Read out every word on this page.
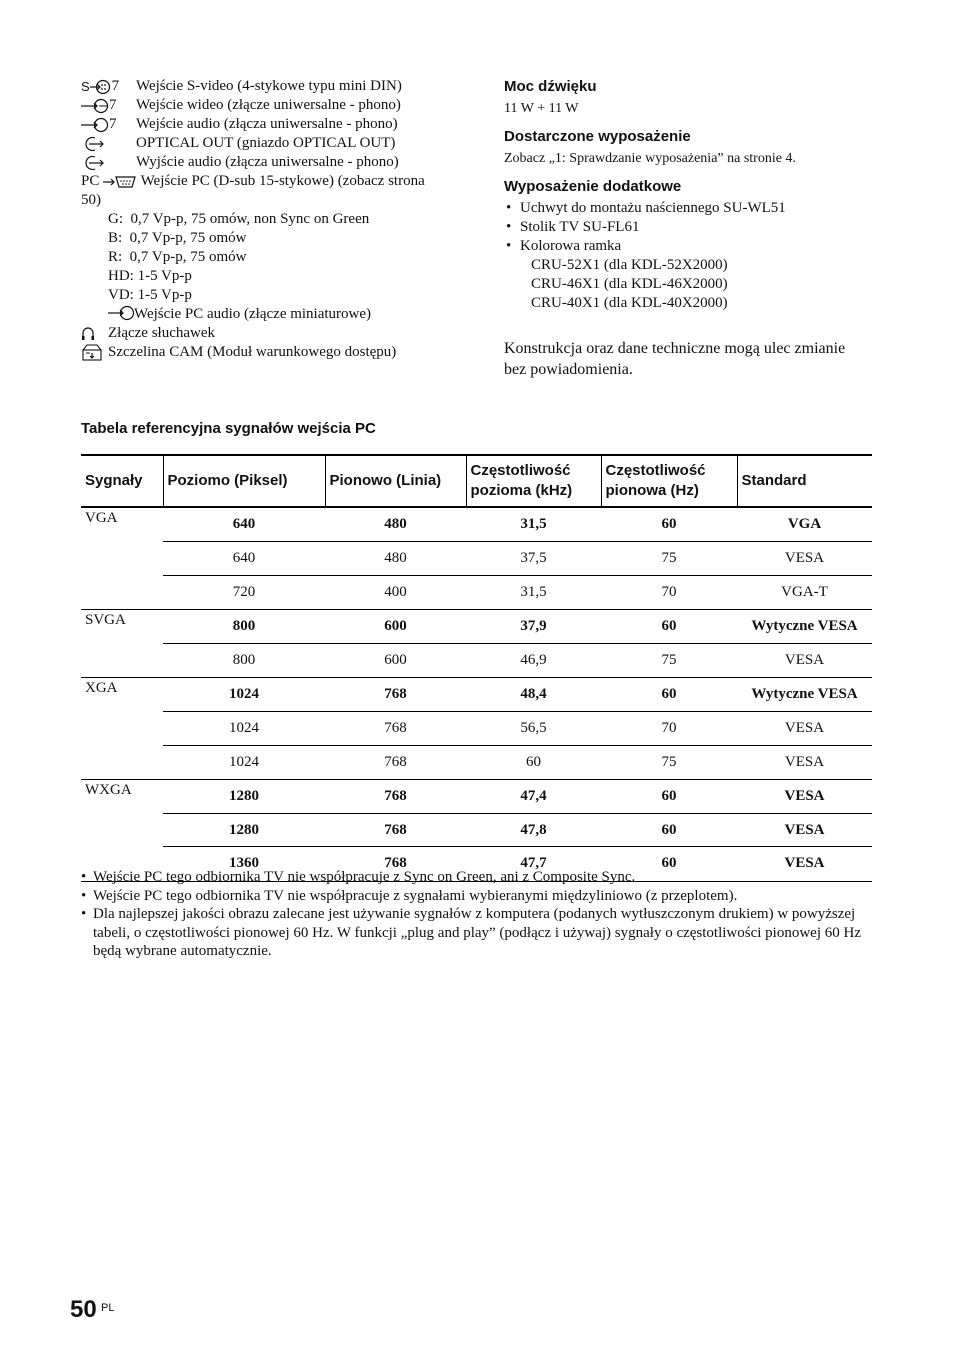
S 7 Wejście S-video (4-stykowe typu mini DIN)
7 Wejście wideo (złącze uniwersalne - phono)
7 Wejście audio (złącza uniwersalne - phono)
OPTICAL OUT (gniazdo OPTICAL OUT)
Wyjście audio (złącza uniwersalne - phono)
PC	Wejście PC (D-sub 15-stykowe) (zobacz strona 50)
G:  0,7 Vp-p, 75 omów, non Sync on Green
B:  0,7 Vp-p, 75 omów
R:  0,7 Vp-p, 75 omów
HD: 1-5 Vp-p
VD: 1-5 Vp-p
Wejście PC audio (złącze miniaturowe)
Złącze słuchawek
Szczelina CAM (Moduł warunkowego dostępu)

Moc dźwięku

11 W + 11 W

Dostarczone wyposażenie

Zobacz „1: Sprawdzanie wyposażenia” na stronie 4.

Wyposażenie dodatkowe

• Uchwyt do montażu naściennego SU-WL51
• Stolik TV SU-FL61
• Kolorowa ramka
CRU-52X1 (dla KDL-52X2000)
CRU-46X1 (dla KDL-46X2000)
CRU-40X1 (dla KDL-40X2000)
Konstrukcja oraz dane techniczne mogą ulec zmianie bez powiadomienia.
Tabela referencyjna sygnałów wejścia PC
Sygnały	Poziomo (Piksel)	Pionowo (Linia)	Częstotliwość pozioma (kHz)	Częstotliwość pionowa (Hz)	Standard
VGA	640	480	31,5	60	VGA
	640	480	37,5	75	VESA
	720	400	31,5	70	VGA-T
SVGA	800	600	37,9	60	Wytyczne VESA
	800	600	46,9	75	VESA
XGA	1024	768	48,4	60	Wytyczne VESA
	1024	768	56,5	70	VESA
	1024	768	60	75	VESA
WXGA	1280	768	47,4	60	VESA
	1280	768	47,8	60	VESA
	1360	768	47,7	60	VESA
• Wejście PC tego odbiornika TV nie współpracuje z Sync on Green, ani z Composite Sync.
• Wejście PC tego odbiornika TV nie współpracuje z sygnałami wybieranymi międzyliniowo (z przeplotem).
• Dla najlepszej jakości obrazu zalecane jest używanie sygnałów z komputera (podanych wytłuszczonym drukiem) w powyższej tabeli, o częstotliwości pionowej 60 Hz. W funkcji „plug and play” (podłącz i używaj) sygnały o częstotliwości pionowej 60 Hz będą wybrane automatycznie.
50 PL
